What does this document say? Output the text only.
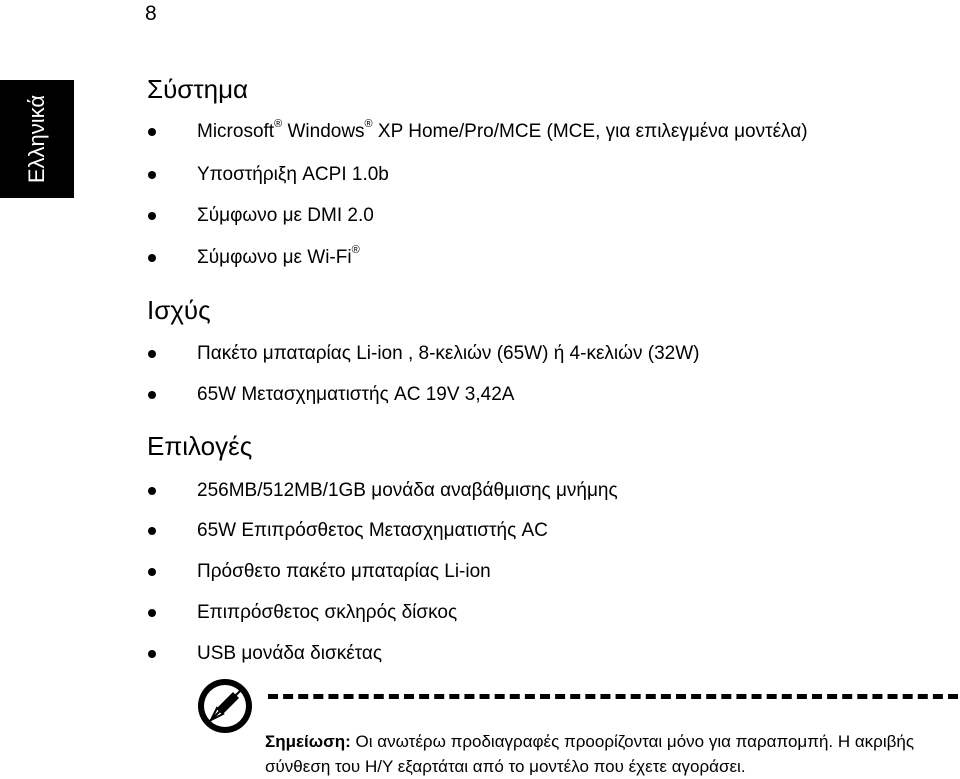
8
Ελληνικά
Σύστημα
Microsoft® Windows® XP Home/Pro/MCE (MCE, για επιλεγμένα μοντέλα)
Υποστήριξη ACPI 1.0b
Σύμφωνο με DMI 2.0
Σύμφωνο με Wi-Fi®
Ισχύς
Πακέτο μπαταρίας Li-ion , 8-κελιών (65W) ή 4-κελιών (32W)
65W Μετασχηματιστής AC 19V 3,42A
Επιλογές
256MB/512MB/1GB μονάδα αναβάθμισης μνήμης
65W Επιπρόσθετος Μετασχηματιστής AC
Πρόσθετο πακέτο μπαταρίας Li-ion
Επιπρόσθετος σκληρός δίσκος
USB μονάδα δισκέτας
Σημείωση: Οι ανωτέρω προδιαγραφές προορίζονται μόνο για παραπομπή. Η ακριβής σύνθεση του Η/Υ εξαρτάται από το μοντέλο που έχετε αγοράσει.
